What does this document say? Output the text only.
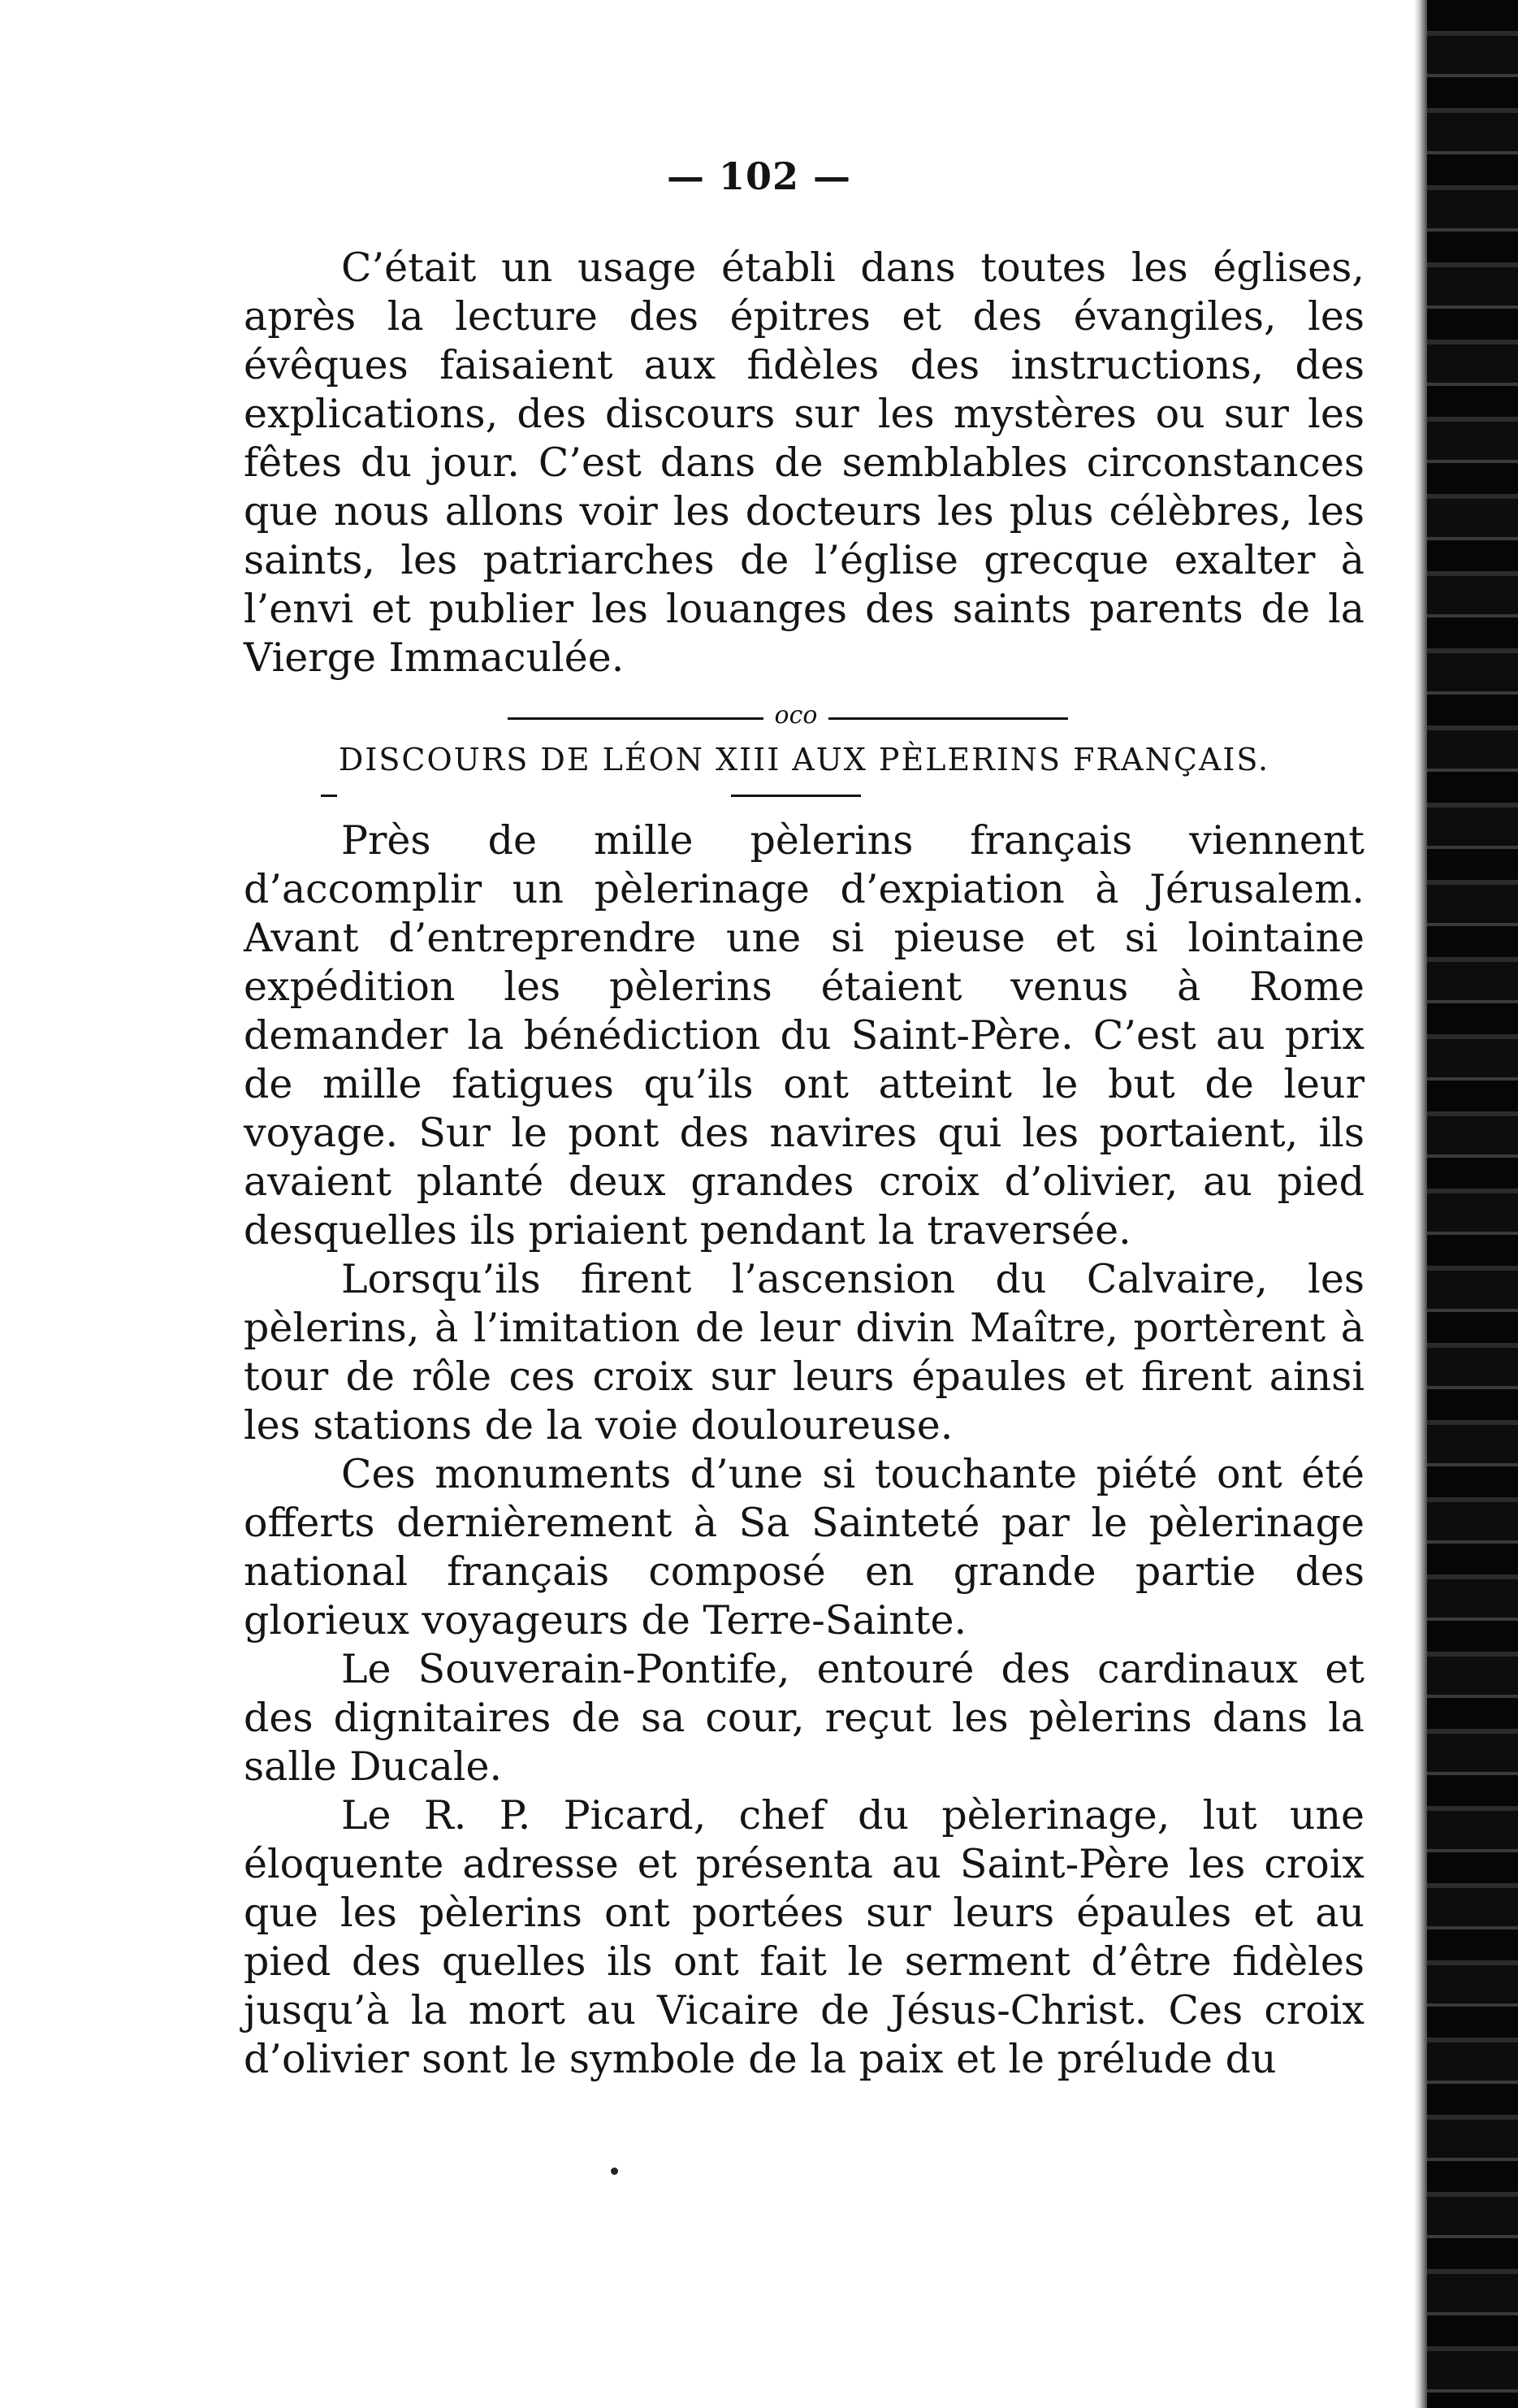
— 102 —

C’était un usage établi dans toutes les églises, après la lecture des épitres et des évangiles, les évêques faisaient aux fidèles des instructions, des explications, des discours sur les mystères ou sur les fêtes du jour. C’est dans de semblables circonstances que nous allons voir les docteurs les plus célèbres, les saints, les patriarches de l’église grecque exalter à l’envi et publier les louanges des saints parents de la Vierge Immaculée.

oco
DISCOURS DE LÉON XIII AUX PÈLERINS FRANÇAIS.

Près de mille pèlerins français viennent d’accomplir un pèlerinage d’expiation à Jérusalem. Avant d’entreprendre une si pieuse et si lointaine expédition les pèlerins étaient venus à Rome demander la bénédiction du Saint-Père. C’est au prix de mille fatigues qu’ils ont atteint le but de leur voyage. Sur le pont des navires qui les portaient, ils avaient planté deux grandes croix d’olivier, au pied desquelles ils priaient pendant la traversée.

Lorsqu’ils firent l’ascension du Calvaire, les pèlerins, à l’imitation de leur divin Maître, portèrent à tour de rôle ces croix sur leurs épaules et firent ainsi les stations de la voie douloureuse.

Ces monuments d’une si touchante piété ont été offerts dernièrement à Sa Sainteté par le pèlerinage national français composé en grande partie des glorieux voyageurs de Terre-Sainte.

Le Souverain-Pontife, entouré des cardinaux et des dignitaires de sa cour, reçut les pèlerins dans la salle Ducale.

Le R. P. Picard, chef du pèlerinage, lut une éloquente adresse et présenta au Saint-Père les croix que les pèlerins ont portées sur leurs épaules et au pied des quelles ils ont fait le serment d’être fidèles jusqu’à la mort au Vicaire de Jésus-Christ. Ces croix d’olivier sont le symbole de la paix et le prélude du
